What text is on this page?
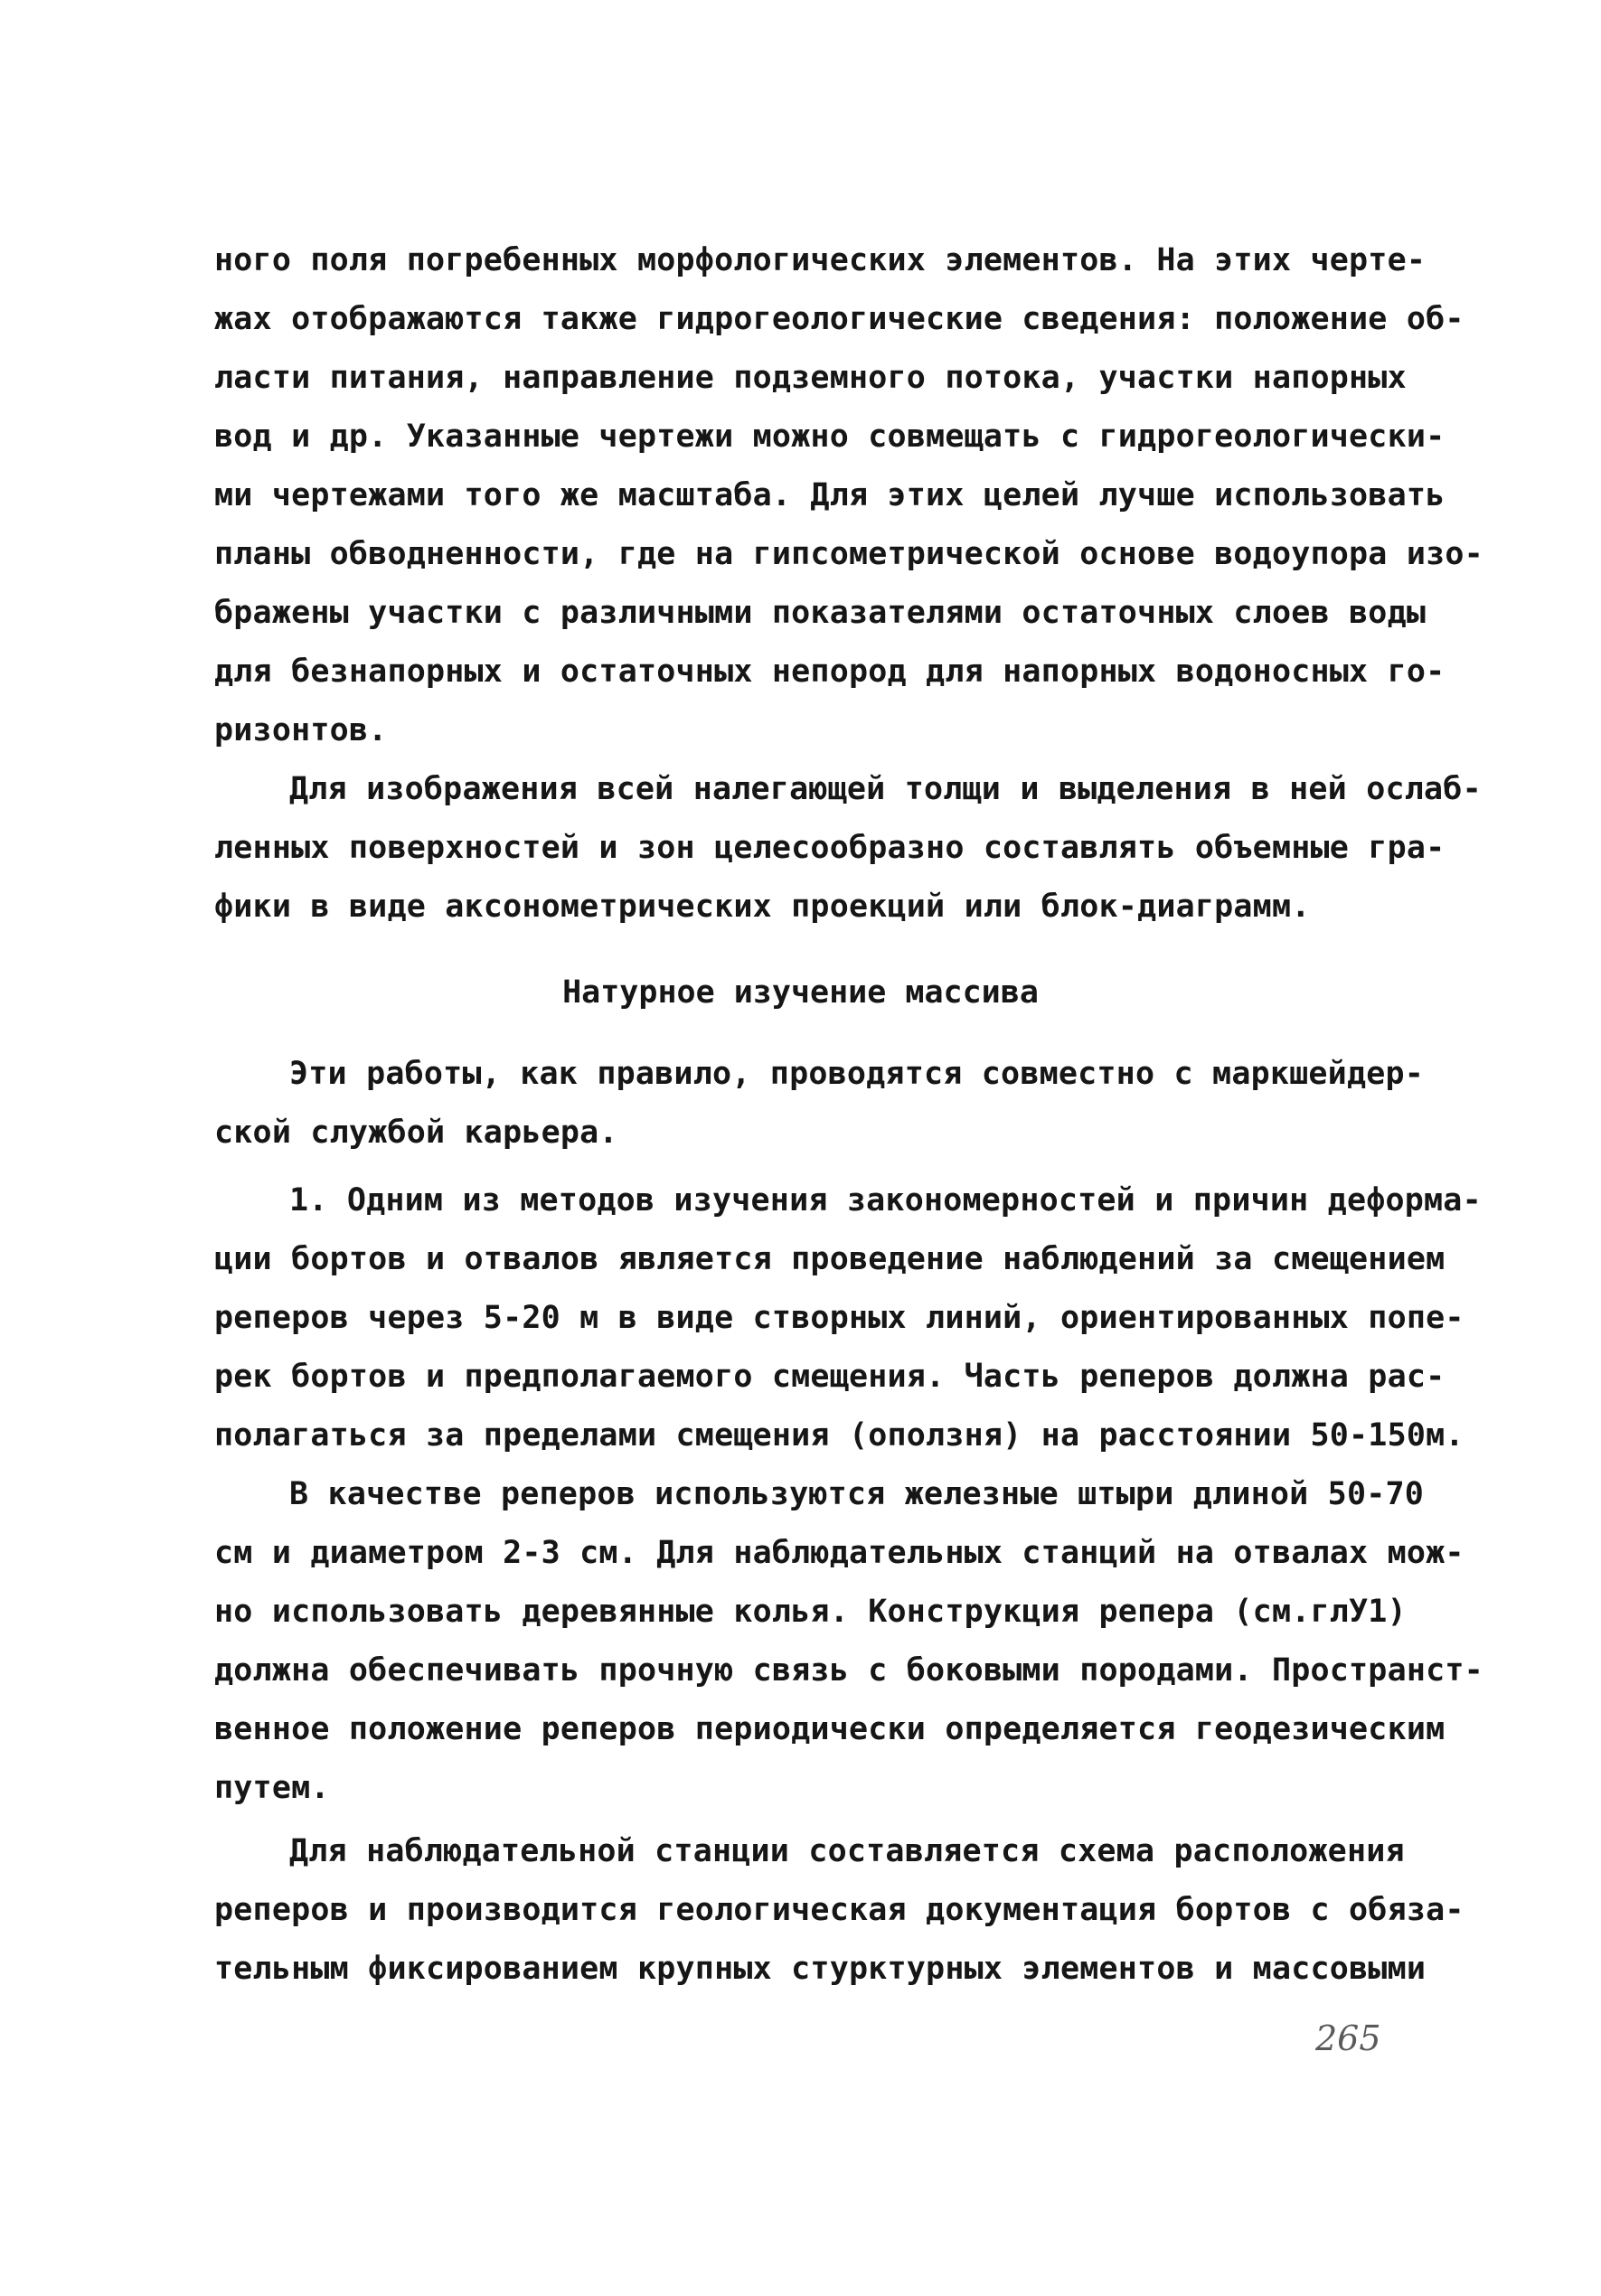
ного поля погребенных морфологических элементов. На этих черте-
жах отображаются также гидрогеологические сведения: положение об-
ласти питания, направление подземного потока, участки напорных
вод и др. Указанные чертежи можно совмещать с гидрогеологически-
ми чертежами того же масштаба. Для этих целей лучше использовать
планы обводненности, где на гипсометрической основе водоупора изо-
бражены участки с различными показателями остаточных слоев воды
для безнапорных и остаточных непород для напорных водоносных го-
ризонтов.
Для изображения всей налегающей толщи и выделения в ней ослаб-
ленных поверхностей и зон целесообразно составлять объемные гра-
фики в виде аксонометрических проекций или блок-диаграмм.
Натурное изучение массива
Эти работы, как правило, проводятся совместно с маркшейдер-
ской службой карьера.
1. Одним из методов изучения закономерностей и причин деформа-
ции бортов и отвалов является проведение наблюдений за смещением
реперов через 5-20 м в виде створных линий, ориентированных попе-
рек бортов и предполагаемого смещения. Часть реперов должна рас-
полагаться за пределами смещения (оползня) на расстоянии 50-150м.
В качестве реперов используются железные штыри длиной 50-70
см и диаметром 2-3 см. Для наблюдательных станций на отвалах мож-
но использовать деревянные колья. Конструкция репера (см.глУ1)
должна обеспечивать прочную связь с боковыми породами. Пространст-
венное положение реперов периодически определяется геодезическим
путем.
Для наблюдательной станции составляется схема расположения
реперов и производится геологическая документация бортов с обяза-
тельным фиксированием крупных стурктурных элементов и массовыми
265
